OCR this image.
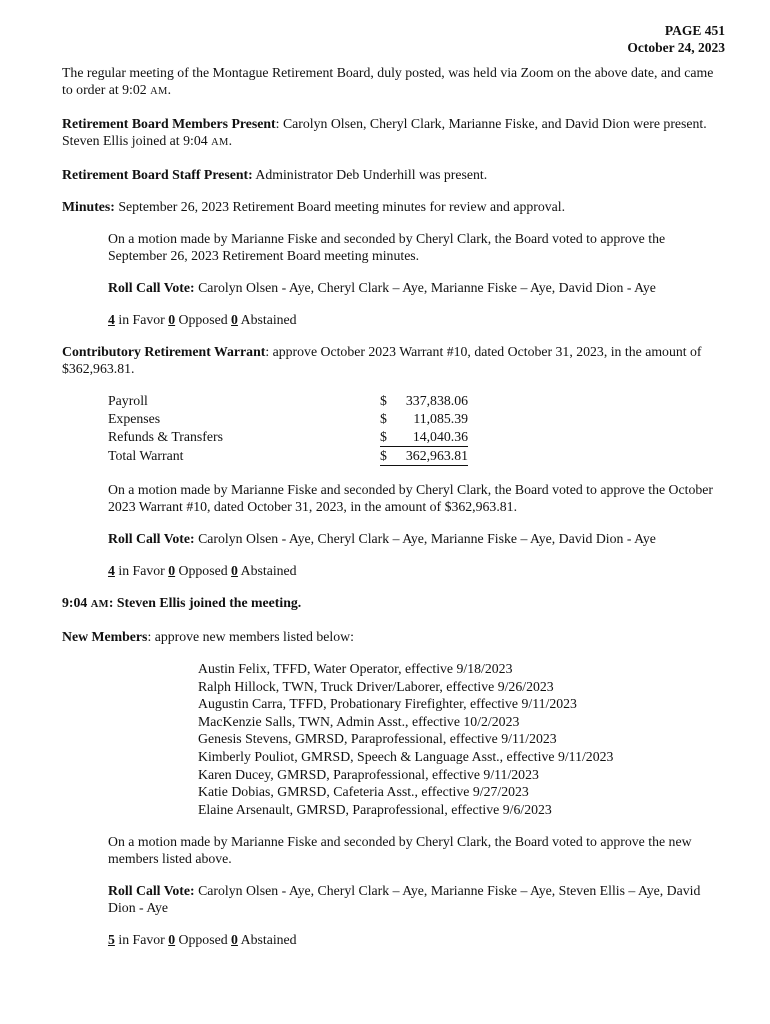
PAGE 451
October 24, 2023

The regular meeting of the Montague Retirement Board, duly posted, was held via Zoom on the above date, and came to order at 9:02 AM.

Retirement Board Members Present: Carolyn Olsen, Cheryl Clark, Marianne Fiske, and David Dion were present. Steven Ellis joined at 9:04 AM.

Retirement Board Staff Present: Administrator Deb Underhill was present.

Minutes: September 26, 2023 Retirement Board meeting minutes for review and approval.

On a motion made by Marianne Fiske and seconded by Cheryl Clark, the Board voted to approve the September 26, 2023 Retirement Board meeting minutes.

Roll Call Vote: Carolyn Olsen - Aye, Cheryl Clark – Aye, Marianne Fiske – Aye, David Dion - Aye

4 in Favor 0 Opposed 0 Abstained

Contributory Retirement Warrant: approve October 2023 Warrant #10, dated October 31, 2023, in the amount of $362,963.81.

Payroll	$	337,838.06
Expenses	$	11,085.39
Refunds & Transfers	$	14,040.36
Total Warrant	$	362,963.81

On a motion made by Marianne Fiske and seconded by Cheryl Clark, the Board voted to approve the October 2023 Warrant #10, dated October 31, 2023, in the amount of $362,963.81.

Roll Call Vote: Carolyn Olsen - Aye, Cheryl Clark – Aye, Marianne Fiske – Aye, David Dion - Aye

4 in Favor 0 Opposed 0 Abstained

9:04 AM: Steven Ellis joined the meeting.

New Members: approve new members listed below:

Austin Felix, TFFD, Water Operator, effective 9/18/2023
Ralph Hillock, TWN, Truck Driver/Laborer, effective 9/26/2023
Augustin Carra, TFFD, Probationary Firefighter, effective 9/11/2023
MacKenzie Salls, TWN, Admin Asst., effective 10/2/2023
Genesis Stevens, GMRSD, Paraprofessional, effective 9/11/2023
Kimberly Pouliot, GMRSD, Speech & Language Asst., effective 9/11/2023
Karen Ducey, GMRSD, Paraprofessional, effective 9/11/2023
Katie Dobias, GMRSD, Cafeteria Asst., effective 9/27/2023
Elaine Arsenault, GMRSD, Paraprofessional, effective 9/6/2023

On a motion made by Marianne Fiske and seconded by Cheryl Clark, the Board voted to approve the new members listed above.

Roll Call Vote: Carolyn Olsen - Aye, Cheryl Clark – Aye, Marianne Fiske – Aye, Steven Ellis – Aye, David Dion - Aye

5 in Favor 0 Opposed 0 Abstained
